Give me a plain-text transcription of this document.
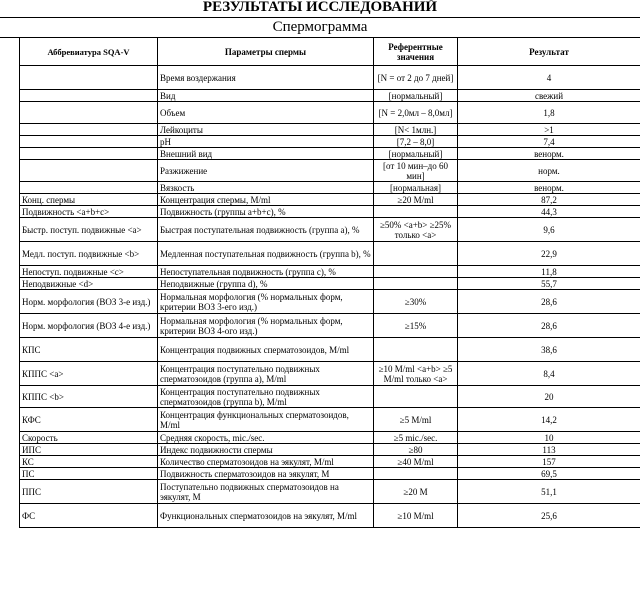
РЕЗУЛЬТАТЫ ИССЛЕДОВАНИЙ
Спермограмма
Аббревиатура SQA-V	Параметры спермы	Референтные значения	Результат
	Время воздержания	[N = от 2 до 7 дней]	4
	Вид	[нормальный]	свежий
	Объем	[N = 2,0мл – 8,0мл]	1,8
	Лейкоциты	[N< 1млн.]	>1
	pH	[7,2 – 8,0]	7,4
	Внешний вид	[нормальный]	венорм.
	Разжижение	[от 10 мин–до 60 мин]	норм.
	Вязкость	[нормальная]	венорм.
Конц. спермы	Концентрация спермы, M/ml	≥20 M/ml	87,2
Подвижность <a+b+c>	Подвижность (группы a+b+c), %		44,3
Быстр. поступ. подвижные <a>	Быстрая поступательная подвижность (группа a), %	≥50% <a+b> ≥25% только <a>	9,6
Медл. поступ. подвижные <b>	Медленная поступательная подвижность (группа b), %		22,9
Непоступ. подвижные <c>	Непоступательная подвижность (группа c), %		11,8
Неподвижные <d>	Неподвижные (группа d), %		55,7
Норм. морфология (ВОЗ 3-е изд.)	Нормальная морфология (% нормальных форм, критерии ВОЗ 3-его изд.)	≥30%	28,6
Норм. морфология (ВОЗ 4-е изд.)	Нормальная морфология (% нормальных форм, критерии ВОЗ 4-ого изд.)	≥15%	28,6
КПС	Концентрация подвижных сперматозоидов, M/ml		38,6
КППС <a>	Концентрация поступательно подвижных сперматозоидов (группа a), M/ml	≥10 M/ml <a+b> ≥5 M/ml только <a>	8,4
КППС <b>	Концентрация поступательно подвижных сперматозоидов (группа b), M/ml		20
КФС	Концентрация функциональных сперматозоидов, M/ml	≥5 M/ml	14,2
Скорость	Средняя скорость, mic./sec.	≥5 mic./sec.	10
ИПС	Индекс подвижности спермы	≥80	113
КС	Количество сперматозоидов на эякулят, M/ml	≥40 M/ml	157
ПС	Подвижность сперматозоидов на эякулят, M		69,5
ППС	Поступательно подвижных сперматозоидов на эякулят, M	≥20 M	51,1
ФС	Функциональных сперматозоидов на эякулят, M/ml	≥10 M/ml	25,6
